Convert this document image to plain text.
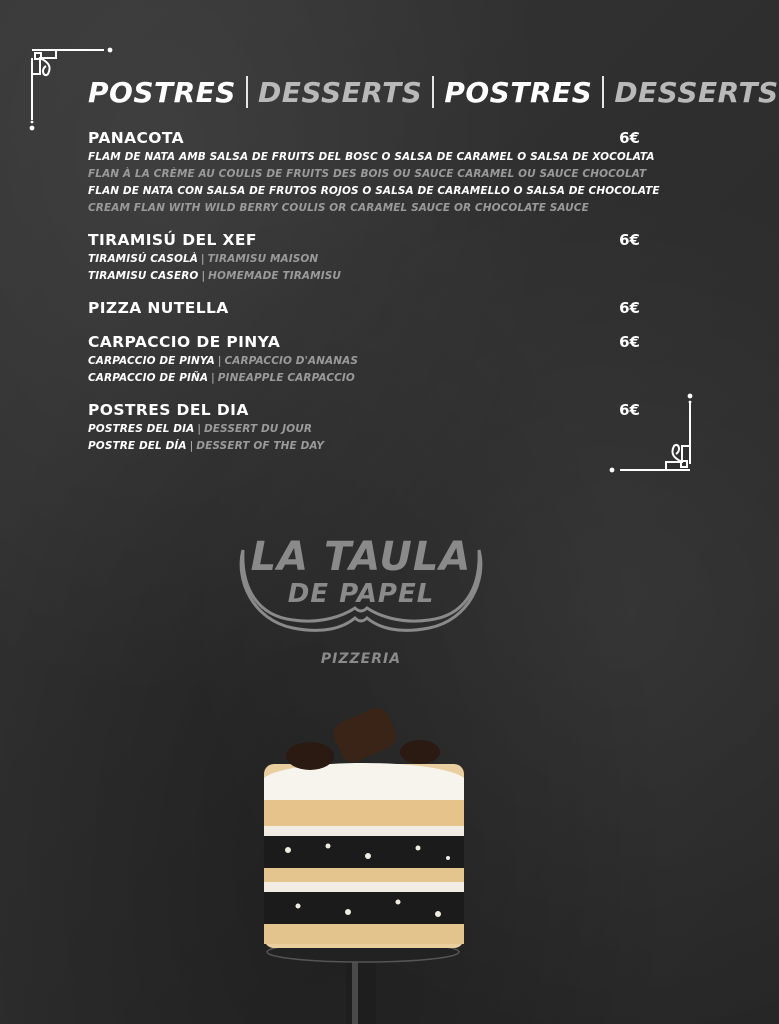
POSTRES DESSERTS POSTRES DESSERTS
PANACOTA	6€
FLAM DE NATA AMB SALSA DE FRUITS DEL BOSC O SALSA DE CARAMEL O SALSA DE XOCOLATA
FLAN À LA CRÈME AU COULIS DE FRUITS DES BOIS OU SAUCE CARAMEL OU SAUCE CHOCOLAT
FLAN DE NATA CON SALSA DE FRUTOS ROJOS O SALSA DE CARAMELLO O SALSA DE CHOCOLATE
CREAM FLAN WITH WILD BERRY COULIS OR CARAMEL SAUCE OR CHOCOLATE SAUCE
TIRAMISÚ DEL XEF	6€
TIRAMISÚ CASOLÀ | TIRAMISU MAISON
TIRAMISU CASERO | HOMEMADE TIRAMISU
PIZZA NUTELLA	6€
CARPACCIO DE PINYA	6€
CARPACCIO DE PINYA | CARPACCIO D'ANANAS
CARPACCIO DE PIÑA | PINEAPPLE CARPACCIO
POSTRES DEL DIA	6€
POSTRES DEL DIA | DESSERT DU JOUR
POSTRE DEL DÍA | DESSERT OF THE DAY
LA TAULA
DE PAPEL
PIZZERIA
